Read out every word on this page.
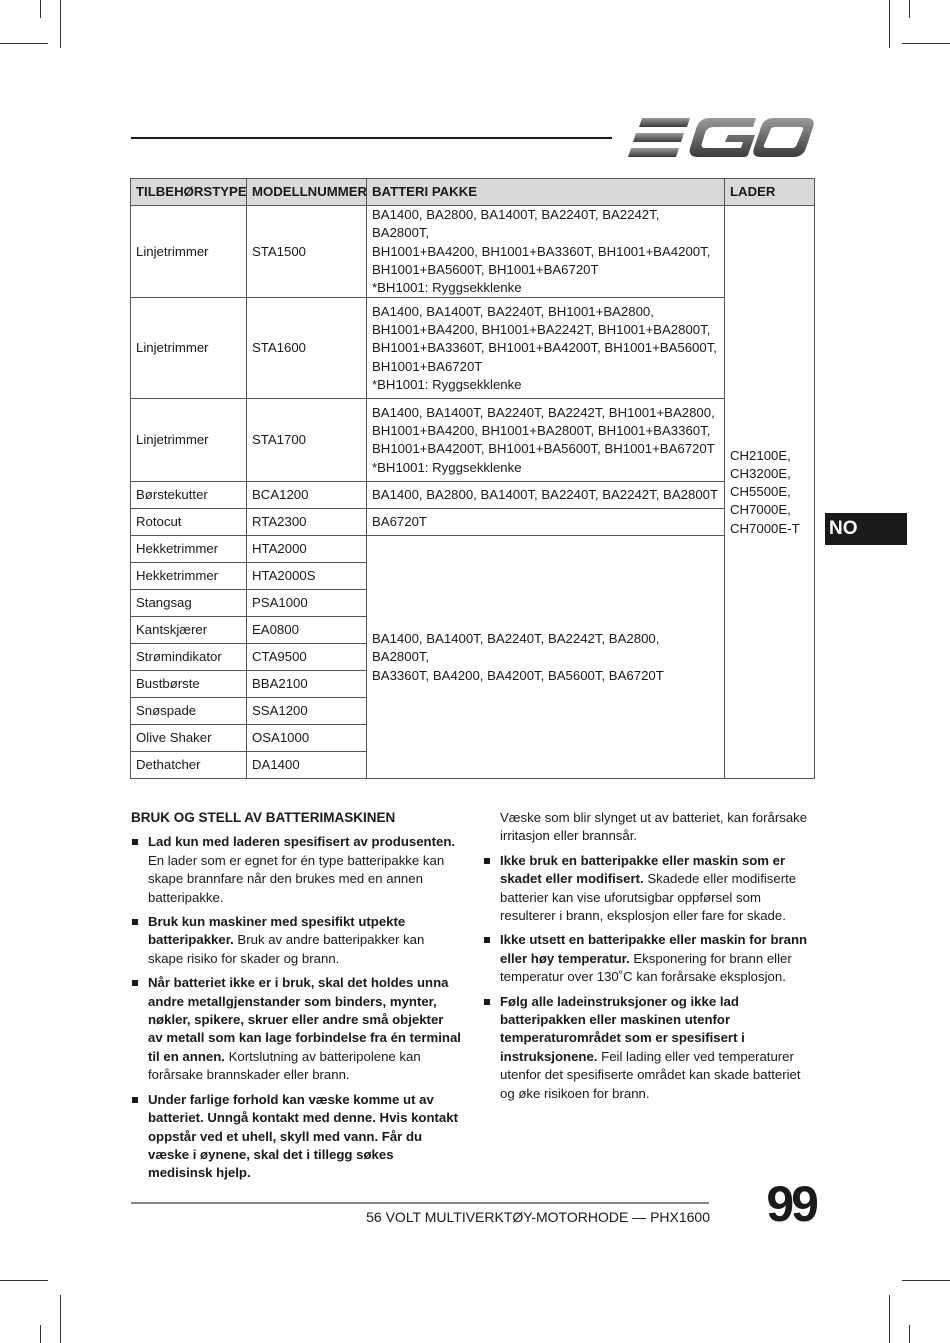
TILBEHØRSTYPE	MODELLNUMMER	BATTERI PAKKE	LADER
Linjetrimmer	STA1500	BA1400, BA2800, BA1400T, BA2240T, BA2242T, BA2800T,
BH1001+BA4200, BH1001+BA3360T, BH1001+BA4200T,
BH1001+BA5600T, BH1001+BA6720T
*BH1001: Ryggsekklenke	CH2100E,
CH3200E,
CH5500E,
CH7000E,
CH7000E-T
Linjetrimmer	STA1600	BA1400, BA1400T, BA2240T, BH1001+BA2800,
BH1001+BA4200, BH1001+BA2242T, BH1001+BA2800T,
BH1001+BA3360T, BH1001+BA4200T, BH1001+BA5600T,
BH1001+BA6720T
*BH1001: Ryggsekklenke	
Linjetrimmer	STA1700	BA1400, BA1400T, BA2240T, BA2242T, BH1001+BA2800,
BH1001+BA4200, BH1001+BA2800T, BH1001+BA3360T,
BH1001+BA4200T, BH1001+BA5600T, BH1001+BA6720T
*BH1001: Ryggsekklenke	
Børstekutter	BCA1200	BA1400, BA2800, BA1400T, BA2240T, BA2242T, BA2800T	
Rotocut	RTA2300	BA6720T	
Hekketrimmer	HTA2000	BA1400, BA1400T, BA2240T, BA2242T, BA2800, BA2800T,
BA3360T, BA4200, BA4200T, BA5600T, BA6720T	
Hekketrimmer	HTA2000S		
Stangsag	PSA1000		
Kantskjærer	EA0800		
Strømindikator	CTA9500		
Bustbørste	BBA2100		
Snøspade	SSA1200		
Olive Shaker	OSA1000		
Dethatcher	DA1400		
NO
BRUK OG STELL AV BATTERIMASKINEN
Lad kun med laderen spesifisert av produsenten. En lader som er egnet for én type batteripakke kan skape brannfare når den brukes med en annen batteripakke.
Bruk kun maskiner med spesifikt utpekte batteripakker. Bruk av andre batteripakker kan skape risiko for skader og brann.
Når batteriet ikke er i bruk, skal det holdes unna andre metallgjenstander som binders, mynter, nøkler, spikere, skruer eller andre små objekter av metall som kan lage forbindelse fra én terminal til en annen. Kortslutning av batteripolene kan forårsake brannskader eller brann.
Under farlige forhold kan væske komme ut av batteriet. Unngå kontakt med denne. Hvis kontakt oppstår ved et uhell, skyll med vann. Får du væske i øynene, skal det i tillegg søkes medisinsk hjelp.

Væske som blir slynget ut av batteriet, kan forårsake irritasjon eller brannsår.

Ikke bruk en batteripakke eller maskin som er skadet eller modifisert. Skadede eller modifiserte batterier kan vise uforutsigbar oppførsel som resulterer i brann, eksplosjon eller fare for skade.
Ikke utsett en batteripakke eller maskin for brann eller høy temperatur. Eksponering for brann eller temperatur over 130˚C kan forårsake eksplosjon.
Følg alle ladeinstruksjoner og ikke lad batteripakken eller maskinen utenfor temperaturområdet som er spesifisert i instruksjonene. Feil lading eller ved temperaturer utenfor det spesifiserte området kan skade batteriet og øke risikoen for brann.
56 VOLT MULTIVERKTØY-MOTORHODE — PHX1600 99
